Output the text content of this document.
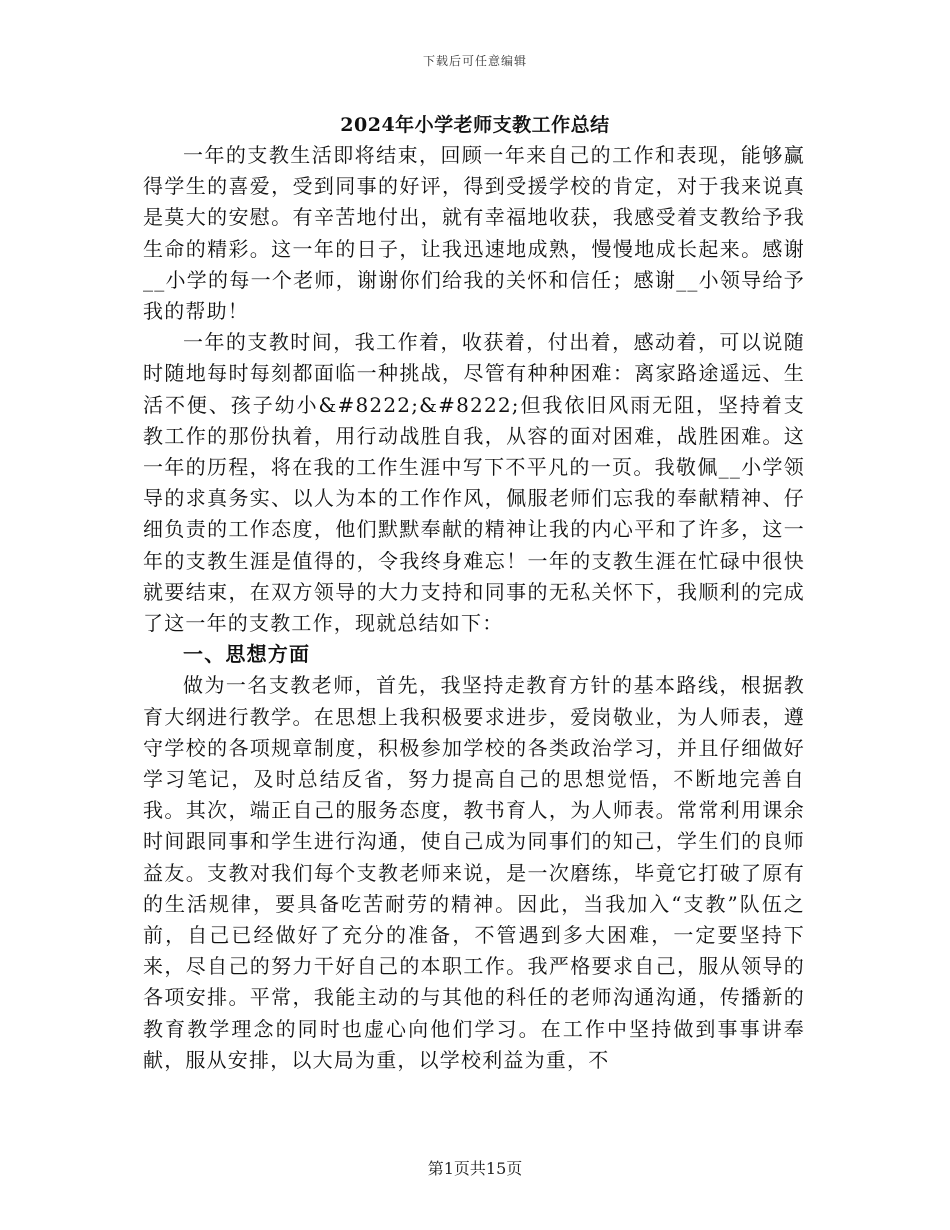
下载后可任意编辑
2024年小学老师支教工作总结

一年的支教生活即将结束，回顾一年来自己的工作和表现，能够赢得学生的喜爱，受到同事的好评，得到受援学校的肯定，对于我来说真是莫大的安慰。有辛苦地付出，就有幸福地收获，我感受着支教给予我生命的精彩。这一年的日子，让我迅速地成熟，慢慢地成长起来。感谢__小学的每一个老师，谢谢你们给我的关怀和信任；感谢__小领导给予我的帮助！

一年的支教时间，我工作着，收获着，付出着，感动着，可以说随时随地每时每刻都面临一种挑战，尽管有种种困难：离家路途遥远、生活不便、孩子幼小&#8222;&#8222;但我依旧风雨无阻，坚持着支教工作的那份执着，用行动战胜自我，从容的面对困难，战胜困难。这一年的历程，将在我的工作生涯中写下不平凡的一页。我敬佩__小学领导的求真务实、以人为本的工作作风，佩服老师们忘我的奉献精神、仔细负责的工作态度，他们默默奉献的精神让我的内心平和了许多，这一年的支教生涯是值得的，令我终身难忘！一年的支教生涯在忙碌中很快就要结束，在双方领导的大力支持和同事的无私关怀下，我顺利的完成了这一年的支教工作，现就总结如下：

一、思想方面

做为一名支教老师，首先，我坚持走教育方针的基本路线，根据教育大纲进行教学。在思想上我积极要求进步，爱岗敬业，为人师表，遵守学校的各项规章制度，积极参加学校的各类政治学习，并且仔细做好学习笔记，及时总结反省，努力提高自己的思想觉悟，不断地完善自我。其次，端正自己的服务态度，教书育人，为人师表。常常利用课余时间跟同事和学生进行沟通，使自己成为同事们的知己，学生们的良师益友。支教对我们每个支教老师来说，是一次磨练，毕竟它打破了原有的生活规律，要具备吃苦耐劳的精神。因此，当我加入“支教”队伍之前，自己已经做好了充分的准备，不管遇到多大困难，一定要坚持下来，尽自己的努力干好自己的本职工作。我严格要求自己，服从领导的各项安排。平常，我能主动的与其他的科任的老师沟通沟通，传播新的教育教学理念的同时也虚心向他们学习。在工作中坚持做到事事讲奉献，服从安排，以大局为重，以学校利益为重，不

第1页共15页
